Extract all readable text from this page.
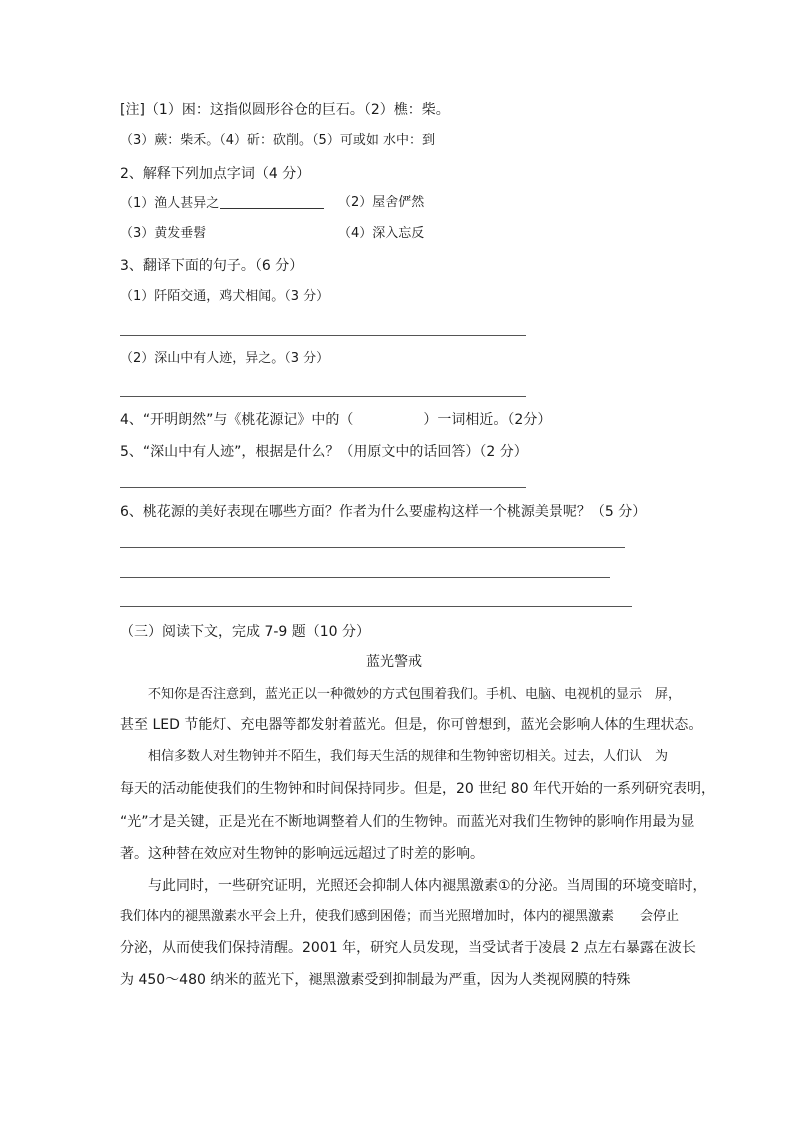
[注]（1）困：这指似圆形谷仓的巨石。（2）樵：柴。
（3）蕨：柴禾。（4）斫：砍削。（5）可或如 水中：到
2、解释下列加点字词（4 分）
（1）渔人甚异之	（2）屋舍俨然
（3）黄发垂髫	（4）深入忘反
3、翻译下面的句子。（6 分）
（1）阡陌交通，鸡犬相闻。（3 分）
（2）深山中有人迹，异之。（3 分）
4、“开明朗然”与《桃花源记》中的（　　　　　）一词相近。（2分）
5、“深山中有人迹”，根据是什么？（用原文中的话回答）（2 分）
6、桃花源的美好表现在哪些方面？作者为什么要虚构这样一个桃源美景呢？（5 分）
（三）阅读下文，完成 7-9 题（10 分）
蓝光警戒
不知你是否注意到，蓝光正以一种微妙的方式包围着我们。手机、电脑、电视机的显示　屏，
甚至 LED 节能灯、充电器等都发射着蓝光。但是，你可曾想到，蓝光会影响人体的生理状态。
相信多数人对生物钟并不陌生，我们每天生活的规律和生物钟密切相关。过去，人们认　为
每天的活动能使我们的生物钟和时间保持同步。但是，20 世纪 80 年代开始的一系列研究表明，
“光”才是关键，正是光在不断地调整着人们的生物钟。而蓝光对我们生物钟的影响作用最为显
著。这种替在效应对生物钟的影响远远超过了时差的影响。
与此同时，一些研究证明，光照还会抑制人体内褪黑激素①的分泌。当周围的环境变暗时，
我们体内的褪黑激素水平会上升，使我们感到困倦；而当光照增加时，体内的褪黑激素　　会停止
分泌，从而使我们保持清醒。2001 年，研究人员发现，当受试者于凌晨 2 点左右暴露在波长
为 450～480 纳米的蓝光下，褪黑激素受到抑制最为严重，因为人类视网膜的特殊
